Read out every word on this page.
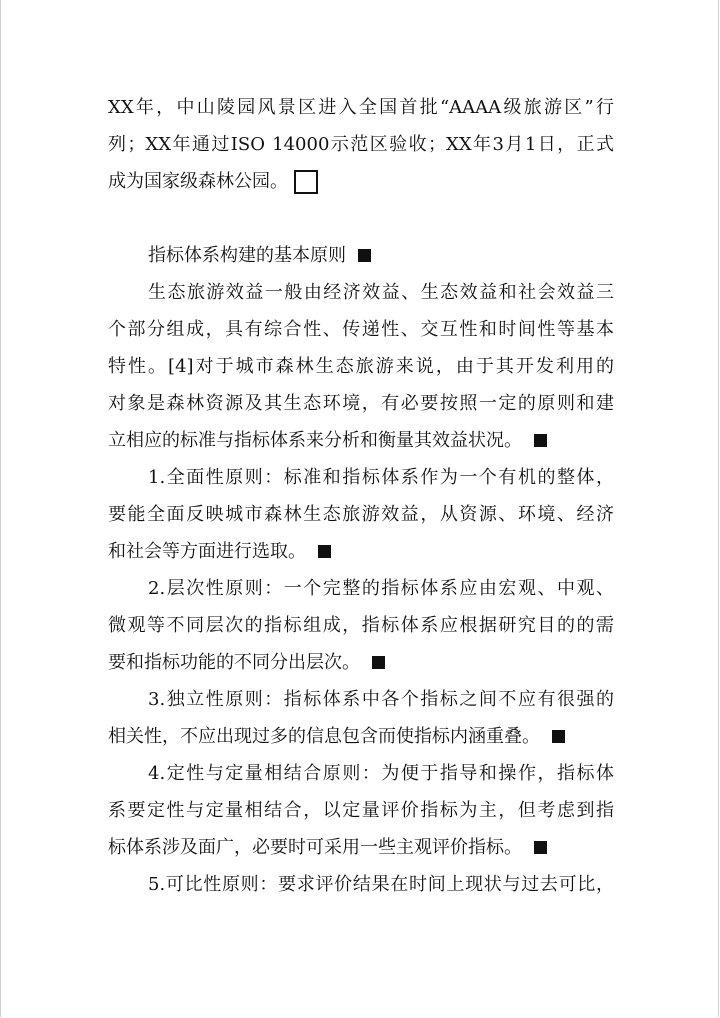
XX年，中山陵园风景区进入全国首批“AAAA级旅游区”行
列；XX年通过ISO 14000示范区验收；XX年3月1日，正式
成为国家级森林公园。
指标体系构建的基本原则
生态旅游效益一般由经济效益、生态效益和社会效益三
个部分组成，具有综合性、传递性、交互性和时间性等基本
特性。[4]对于城市森林生态旅游来说，由于其开发利用的
对象是森林资源及其生态环境，有必要按照一定的原则和建
立相应的标准与指标体系来分析和衡量其效益状况。
1.全面性原则：标准和指标体系作为一个有机的整体，
要能全面反映城市森林生态旅游效益，从资源、环境、经济
和社会等方面进行选取。
2.层次性原则：一个完整的指标体系应由宏观、中观、
微观等不同层次的指标组成，指标体系应根据研究目的的需
要和指标功能的不同分出层次。
3.独立性原则：指标体系中各个指标之间不应有很强的
相关性，不应出现过多的信息包含而使指标内涵重叠。
4.定性与定量相结合原则：为便于指导和操作，指标体
系要定性与定量相结合，以定量评价指标为主，但考虑到指
标体系涉及面广，必要时可采用一些主观评价指标。
5.可比性原则：要求评价结果在时间上现状与过去可比，
